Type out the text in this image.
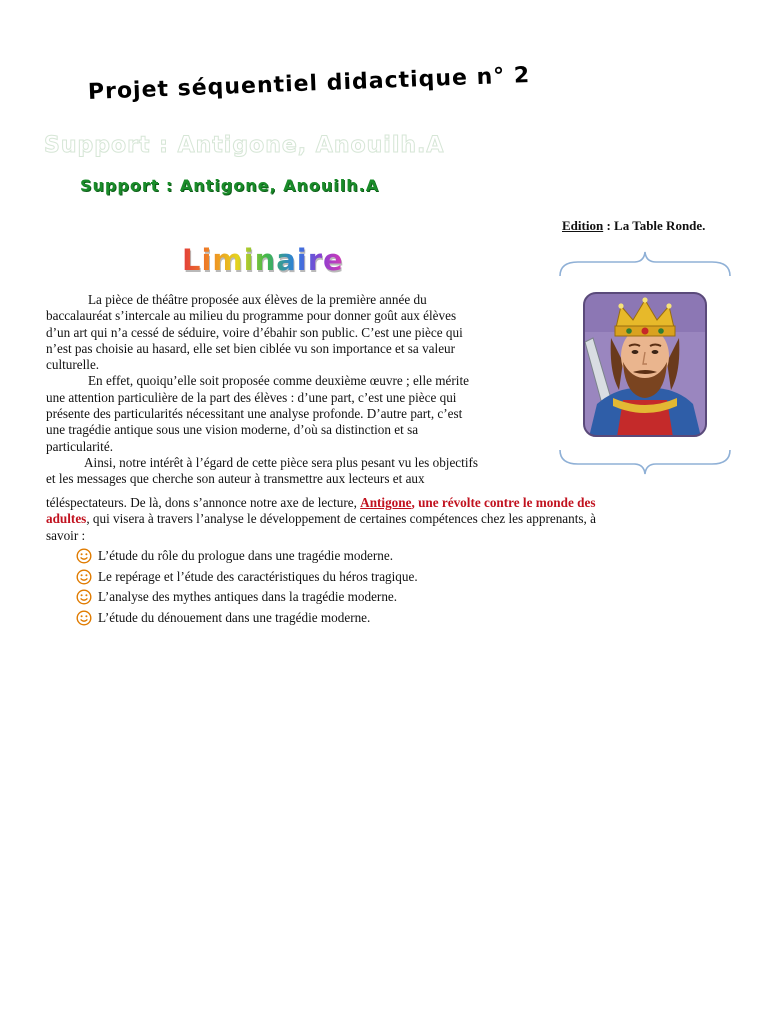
Projet séquentiel didactique n° 2
Support : Antigone, Anouilh.A
Support : Antigone, Anouilh.A
Edition : La Table Ronde.
Liminaire

La pièce de théâtre proposée aux élèves de la première année du

baccalauréat s’intercale au milieu du programme pour donner goût aux élèves

d’un art qui n’a cessé de séduire, voire d’ébahir son public. C’est une pièce qui

n’est pas choisie au hasard, elle set bien ciblée vu son importance et sa valeur

culturelle.

En effet, quoiqu’elle soit proposée comme deuxième œuvre ; elle mérite

une attention particulière de la part des élèves : d’une part, c’est une pièce qui

présente des particularités nécessitant une analyse profonde. D’autre part, c’est

une tragédie antique sous une vision moderne, d’où sa distinction et sa

particularité.

Ainsi, notre intérêt à l’égard de cette pièce sera plus pesant vu les objectifs

et les messages que cherche son auteur à transmettre aux lecteurs et aux

téléspectateurs. De là, dons s’annonce notre axe de lecture, Antigone, une révolte contre le monde des
adultes, qui visera à travers l’analyse le développement de certaines compétences chez les apprenants, à
savoir :
L’étude du rôle du prologue dans une tragédie moderne.
Le repérage et l’étude des caractéristiques du héros tragique.
L’analyse des mythes antiques dans la tragédie moderne.
L’étude du dénouement dans une tragédie moderne.
